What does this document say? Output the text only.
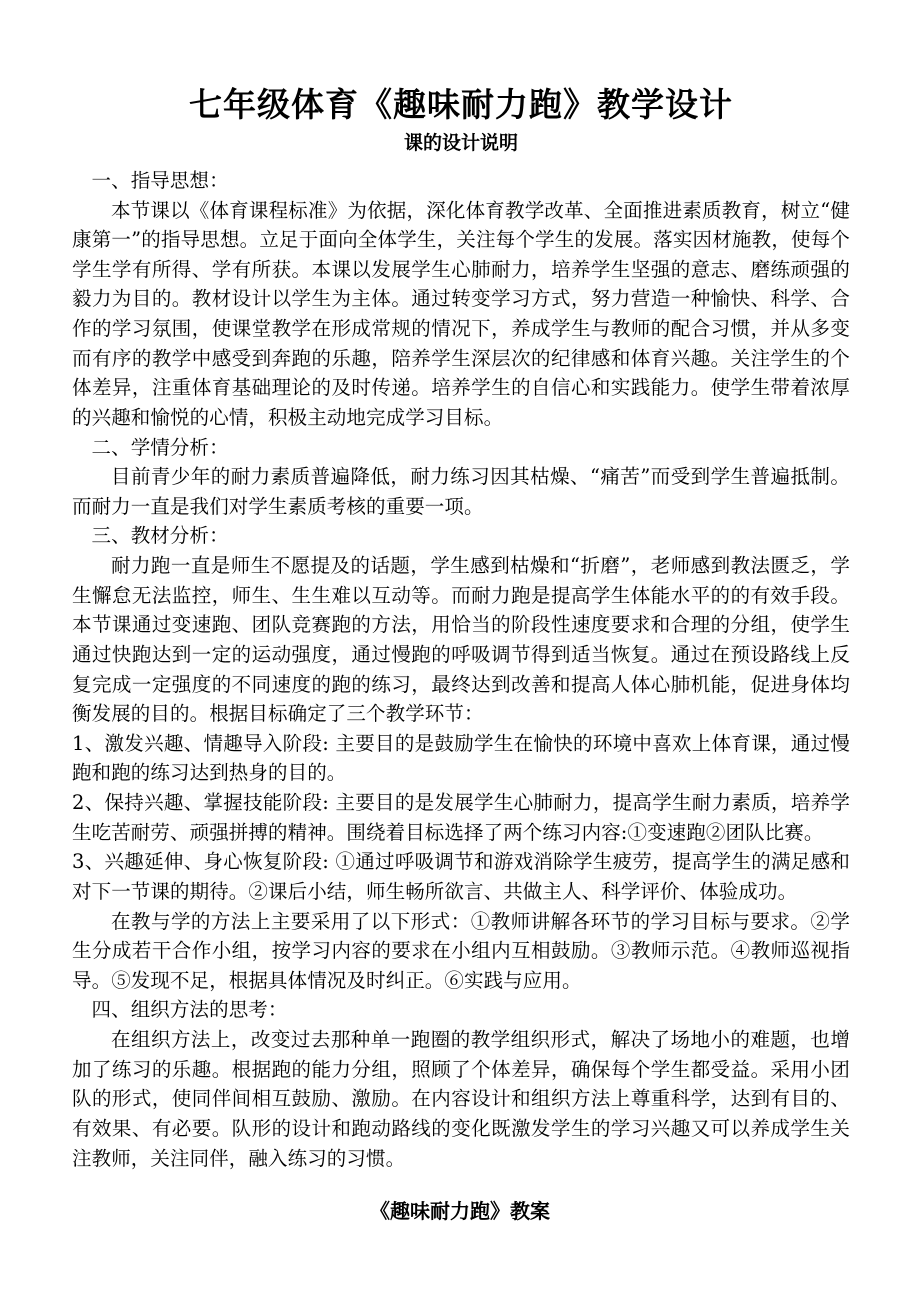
七年级体育《趣味耐力跑》教学设计
课的设计说明

一、指导思想：

本节课以《体育课程标准》为依据，深化体育教学改革、全面推进素质教育，树立“健康第一”的指导思想。立足于面向全体学生，关注每个学生的发展。落实因材施教，使每个学生学有所得、学有所获。本课以发展学生心肺耐力，培养学生坚强的意志、磨练顽强的毅力为目的。教材设计以学生为主体。通过转变学习方式，努力营造一种愉快、科学、合作的学习氛围，使课堂教学在形成常规的情况下，养成学生与教师的配合习惯，并从多变而有序的教学中感受到奔跑的乐趣，陪养学生深层次的纪律感和体育兴趣。关注学生的个体差异，注重体育基础理论的及时传递。培养学生的自信心和实践能力。使学生带着浓厚的兴趣和愉悦的心情，积极主动地完成学习目标。

二、学情分析：

目前青少年的耐力素质普遍降低，耐力练习因其枯燥、“痛苦”而受到学生普遍抵制。而耐力一直是我们对学生素质考核的重要一项。

三、教材分析：

耐力跑一直是师生不愿提及的话题，学生感到枯燥和“折磨”，老师感到教法匮乏，学生懈怠无法监控，师生、生生难以互动等。而耐力跑是提高学生体能水平的的有效手段。本节课通过变速跑、团队竞赛跑的方法，用恰当的阶段性速度要求和合理的分组，使学生通过快跑达到一定的运动强度，通过慢跑的呼吸调节得到适当恢复。通过在预设路线上反复完成一定强度的不同速度的跑的练习，最终达到改善和提高人体心肺机能，促进身体均衡发展的目的。根据目标确定了三个教学环节：

1、激发兴趣、情趣导入阶段: 主要目的是鼓励学生在愉快的环境中喜欢上体育课，通过慢跑和跑的练习达到热身的目的。

2、保持兴趣、掌握技能阶段: 主要目的是发展学生心肺耐力，提高学生耐力素质，培养学生吃苦耐劳、顽强拼搏的精神。围绕着目标选择了两个练习内容:①变速跑②团队比赛。

3、兴趣延伸、身心恢复阶段: ①通过呼吸调节和游戏消除学生疲劳，提高学生的满足感和对下一节课的期待。②课后小结，师生畅所欲言、共做主人、科学评价、体验成功。

在教与学的方法上主要采用了以下形式：①教师讲解各环节的学习目标与要求。②学生分成若干合作小组，按学习内容的要求在小组内互相鼓励。③教师示范。④教师巡视指导。⑤发现不足，根据具体情况及时纠正。⑥实践与应用。

四、组织方法的思考：

在组织方法上，改变过去那种单一跑圈的教学组织形式，解决了场地小的难题，也增加了练习的乐趣。根据跑的能力分组，照顾了个体差异，确保每个学生都受益。采用小团队的形式，使同伴间相互鼓励、激励。在内容设计和组织方法上尊重科学，达到有目的、有效果、有必要。队形的设计和跑动路线的变化既激发学生的学习兴趣又可以养成学生关注教师，关注同伴，融入练习的习惯。

《趣味耐力跑》教案
